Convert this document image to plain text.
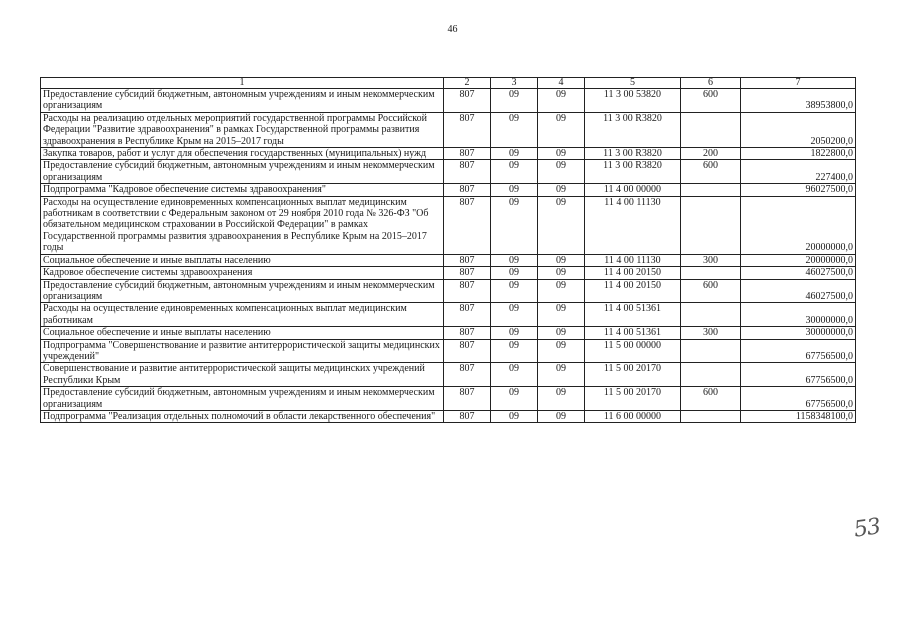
46
1	2	3	4	5	6	7
Предоставление субсидий бюджетным, автономным учреждениям и иным некоммерческим организациям	807	09	09	11 3 00 53820	600	38953800,0
Расходы на реализацию отдельных мероприятий государственной программы Российской Федерации "Развитие здравоохранения" в рамках Государственной программы развития здравоохранения в Республике Крым на 2015–2017 годы	807	09	09	11 3 00 R3820		2050200,0
Закупка товаров, работ и услуг для обеспечения государственных (муниципальных) нужд	807	09	09	11 3 00 R3820	200	1822800,0
Предоставление субсидий бюджетным, автономным учреждениям и иным некоммерческим организациям	807	09	09	11 3 00 R3820	600	227400,0
Подпрограмма "Кадровое обеспечение системы здравоохранения"	807	09	09	11 4 00 00000		96027500,0
Расходы на осуществление единовременных компенсационных выплат медицинским работникам в соответствии с Федеральным законом от 29 ноября 2010 года № 326-ФЗ "Об обязательном медицинском страховании в Российской Федерации" в рамках Государственной программы развития здравоохранения в Республике Крым на 2015–2017 годы	807	09	09	11 4 00 11130		20000000,0
Социальное обеспечение и иные выплаты населению	807	09	09	11 4 00 11130	300	20000000,0
Кадровое обеспечение системы здравоохранения	807	09	09	11 4 00 20150		46027500,0
Предоставление субсидий бюджетным, автономным учреждениям и иным некоммерческим организациям	807	09	09	11 4 00 20150	600	46027500,0
Расходы на осуществление единовременных компенсационных выплат медицинским работникам	807	09	09	11 4 00 51361		30000000,0
Социальное обеспечение и иные выплаты населению	807	09	09	11 4 00 51361	300	30000000,0
Подпрограмма "Совершенствование и развитие антитеррористической защиты медицинских учреждений"	807	09	09	11 5 00 00000		67756500,0
Совершенствование и развитие антитеррористической защиты медицинских учреждений Республики Крым	807	09	09	11 5 00 20170		67756500,0
Предоставление субсидий бюджетным, автономным учреждениям и иным некоммерческим организациям	807	09	09	11 5 00 20170	600	67756500,0
Подпрограмма "Реализация отдельных полномочий в области лекарственного обеспечения"	807	09	09	11 6 00 00000		1158348100,0
53
